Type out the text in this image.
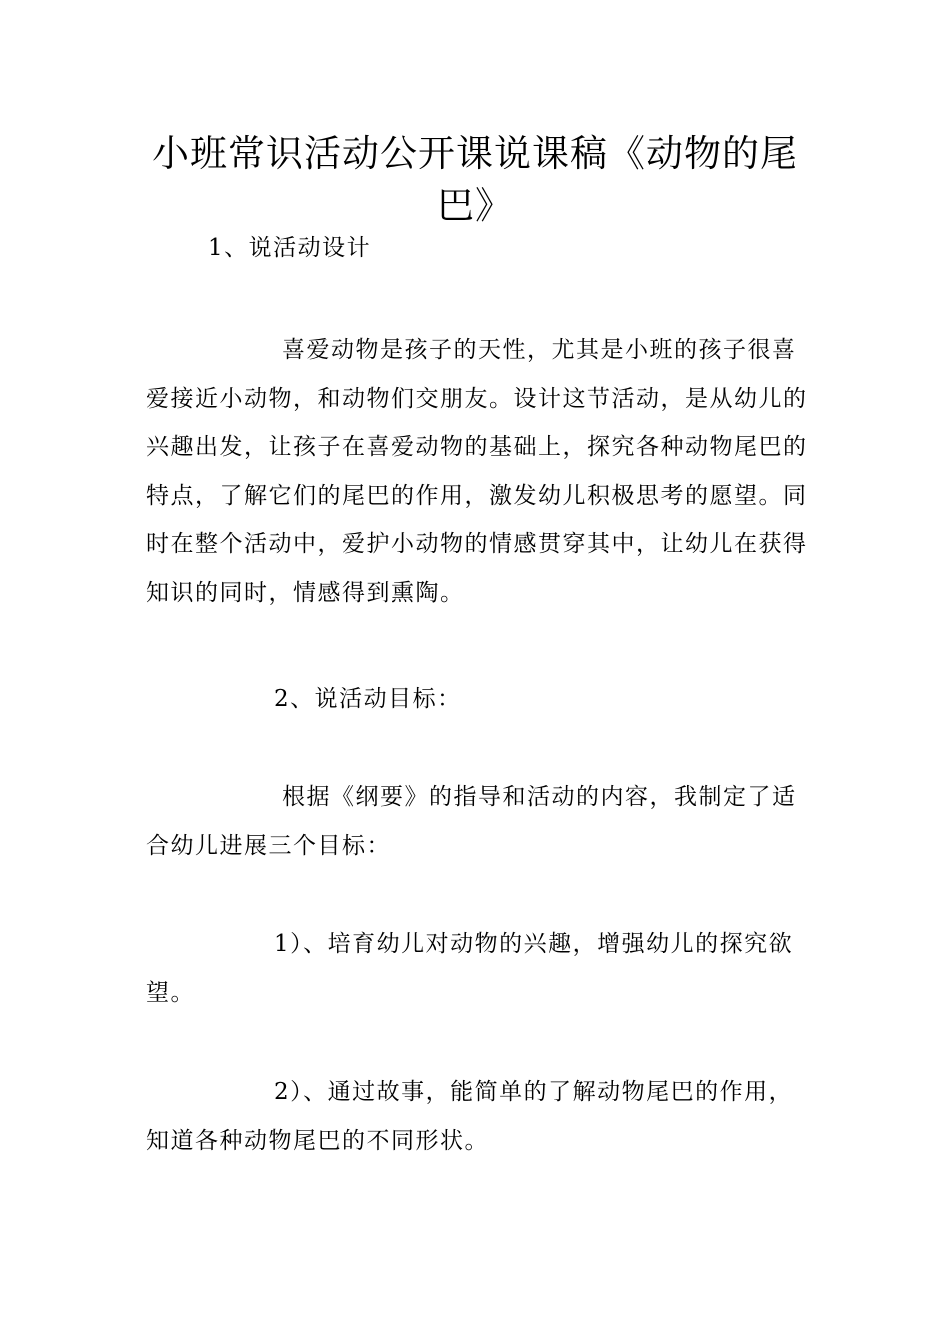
小班常识活动公开课说课稿《动物的尾巴》

1、说活动设计

喜爱动物是孩子的天性，尤其是小班的孩子很喜爱接近小动物，和动物们交朋友。设计这节活动，是从幼儿的兴趣出发，让孩子在喜爱动物的基础上，探究各种动物尾巴的特点，了解它们的尾巴的作用，激发幼儿积极思考的愿望。同时在整个活动中，爱护小动物的情感贯穿其中，让幼儿在获得知识的同时，情感得到熏陶。

2、说活动目标：

根据《纲要》的指导和活动的内容，我制定了适合幼儿进展三个目标：

1）、培育幼儿对动物的兴趣，增强幼儿的探究欲望。

2）、通过故事，能简单的了解动物尾巴的作用，知道各种动物尾巴的不同形状。
